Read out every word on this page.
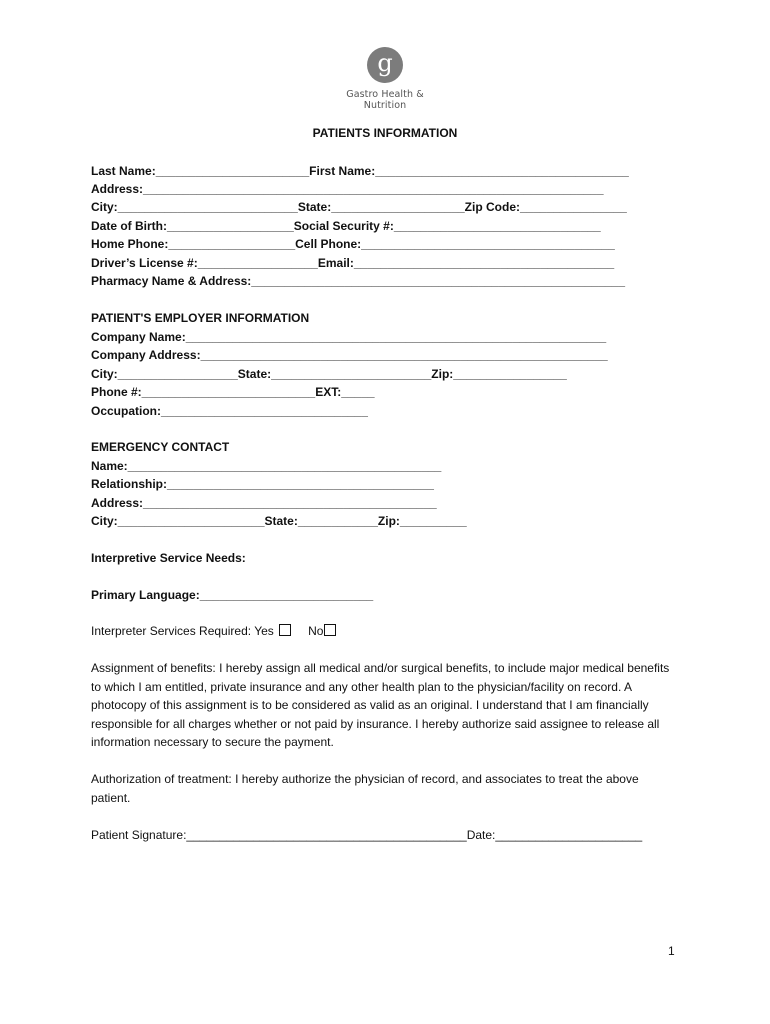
g
Gastro Health & Nutrition
PATIENTS INFORMATION
Last Name:_______________________First Name:______________________________________
Address:_____________________________________________________________________
City:___________________________State:____________________Zip Code:________________
Date of Birth:___________________Social Security #:_______________________________
Home Phone:___________________Cell Phone:______________________________________
Driver’s License #:__________________Email:_______________________________________
Pharmacy Name & Address:________________________________________________________
PATIENT'S EMPLOYER INFORMATION
Company Name:_______________________________________________________________
Company Address:_____________________________________________________________
City:__________________State:________________________Zip:_________________
Phone #:__________________________EXT:_____
Occupation:_______________________________
EMERGENCY CONTACT
Name:_______________________________________________
Relationship:________________________________________
Address:____________________________________________
City:______________________State:____________Zip:__________
Interpretive Service Needs:
Primary Language:__________________________
Interpreter Services Required: Yes	No
Assignment of benefits: I hereby assign all medical and/or surgical benefits, to include major medical benefits to which I am entitled, private insurance and any other health plan to the physician/facility on record. A photocopy of this assignment is to be considered as valid as an original. I understand that I am financially responsible for all charges whether or not paid by insurance. I hereby authorize said assignee to release all information necessary to secure the payment.
Authorization of treatment: I hereby authorize the physician of record, and associates to treat the above patient.
Patient Signature:__________________________________________Date:______________________
1
